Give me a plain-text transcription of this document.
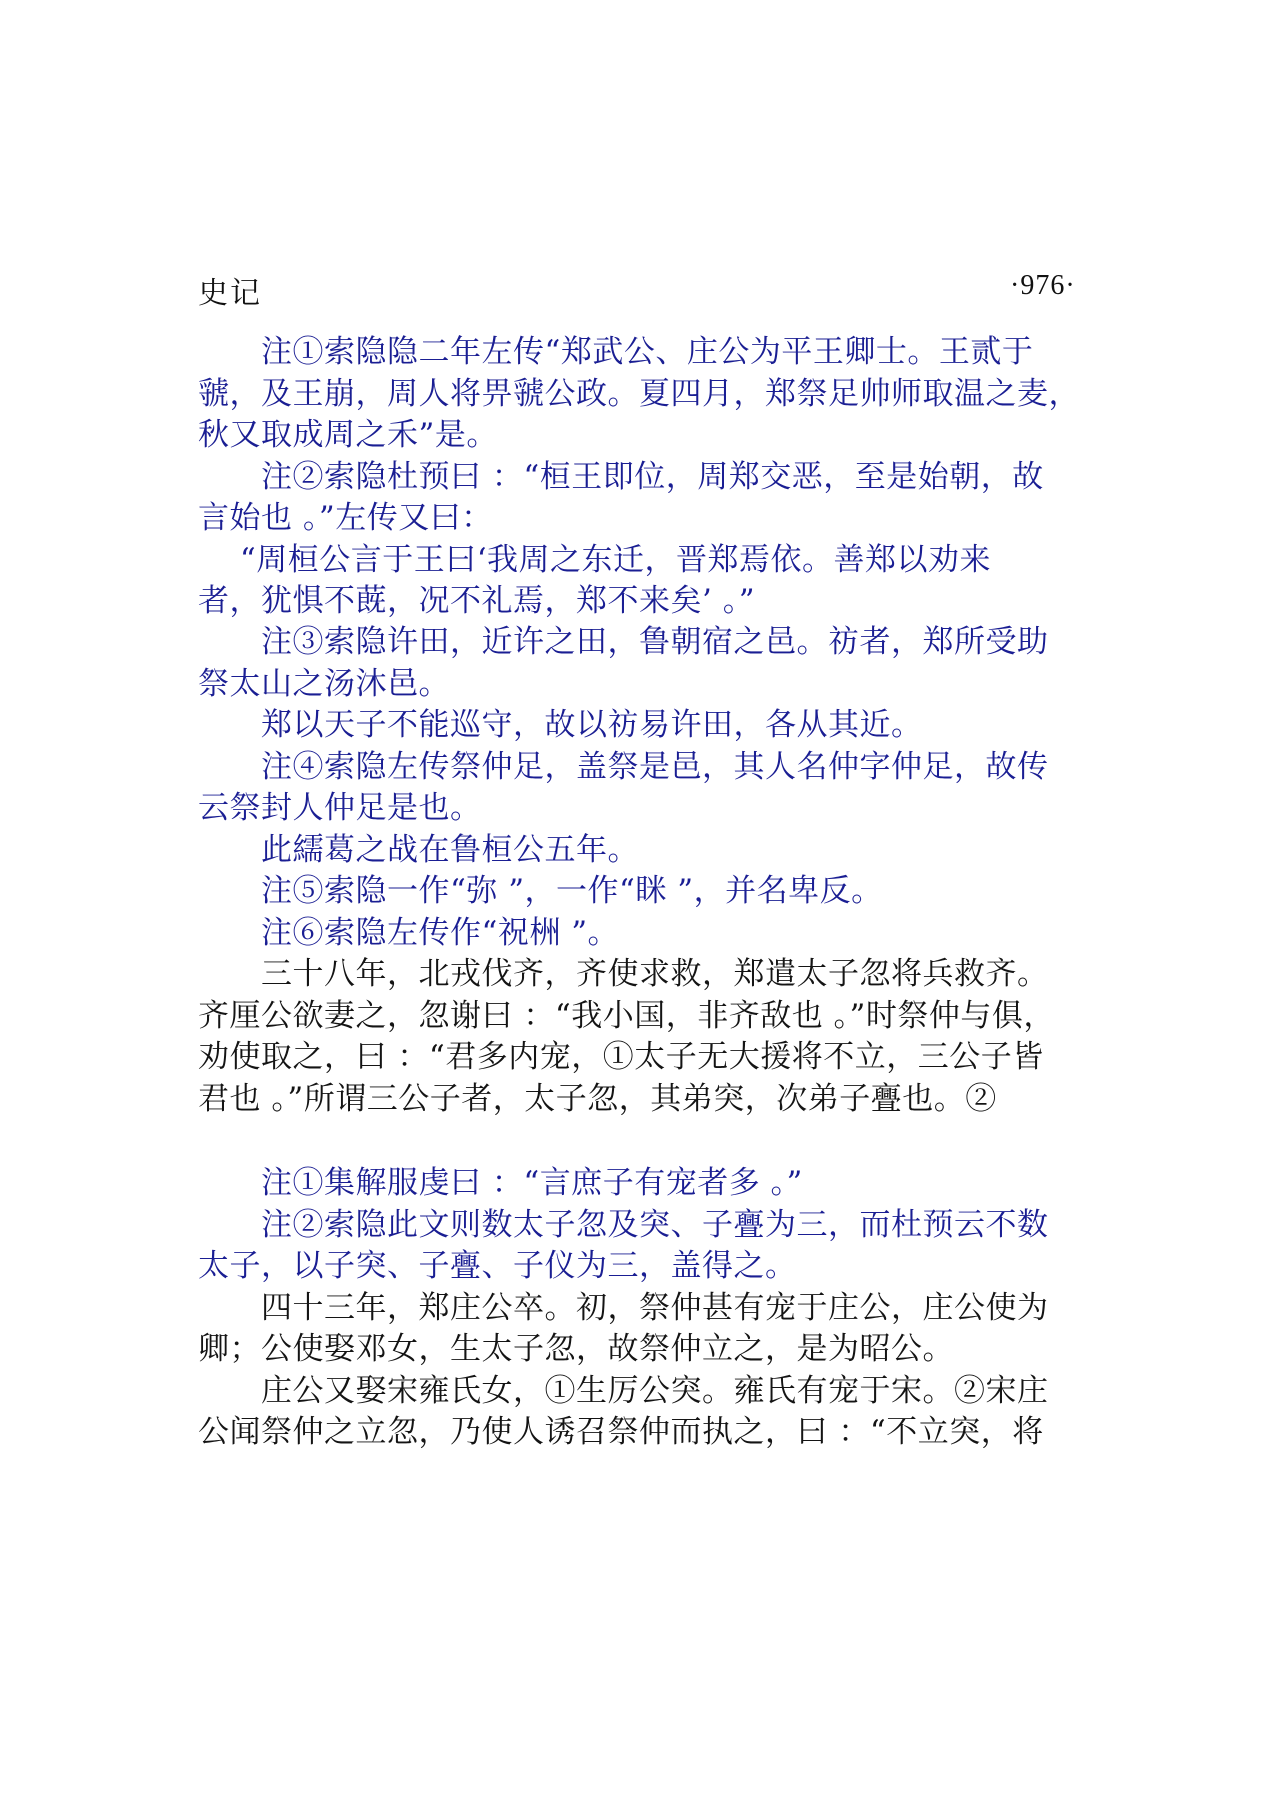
史记	·976·
　　注①索隐隐二年左传“郑武公、庄公为平王卿士。王贰于
虢，及王崩，周人将畀虢公政。夏四月，郑祭足帅师取温之麦，
秋又取成周之禾”是。
　　注②索隐杜预曰 ：“桓王即位，周郑交恶，至是始朝，故
言始也 。”左传又曰：
　 “周桓公言于王曰‘我周之东迁，晋郑焉依。善郑以劝来
者，犹惧不蔇，况不礼焉，郑不来矣’ 。”
　　注③索隐许田，近许之田，鲁朝宿之邑。祊者，郑所受助
祭太山之汤沐邑。
　　郑以天子不能巡守，故以祊易许田，各从其近。
　　注④索隐左传祭仲足，盖祭是邑，其人名仲字仲足，故传
云祭封人仲足是也。
　　此繻葛之战在鲁桓公五年。
　　注⑤索隐一作“弥 ”，一作“眯 ”，并名卑反。
　　注⑥索隐左传作“祝栦 ”。
　　三十八年，北戎伐齐，齐使求救，郑遣太子忽将兵救齐。
齐厘公欲妻之，忽谢曰 ：“我小国，非齐敌也 。”时祭仲与俱，
劝使取之，曰 ：“君多内宠，①太子无大援将不立，三公子皆
君也 。”所谓三公子者，太子忽，其弟突，次弟子亹也。②
　　注①集解服虔曰 ：“言庶子有宠者多 。”
　　注②索隐此文则数太子忽及突、子亹为三，而杜预云不数
太子，以子突、子亹、子仪为三，盖得之。
　　四十三年，郑庄公卒。初，祭仲甚有宠于庄公，庄公使为
卿；公使娶邓女，生太子忽，故祭仲立之，是为昭公。
　　庄公又娶宋雍氏女，①生厉公突。雍氏有宠于宋。②宋庄
公闻祭仲之立忽，乃使人诱召祭仲而执之，曰 ：“不立突，将
